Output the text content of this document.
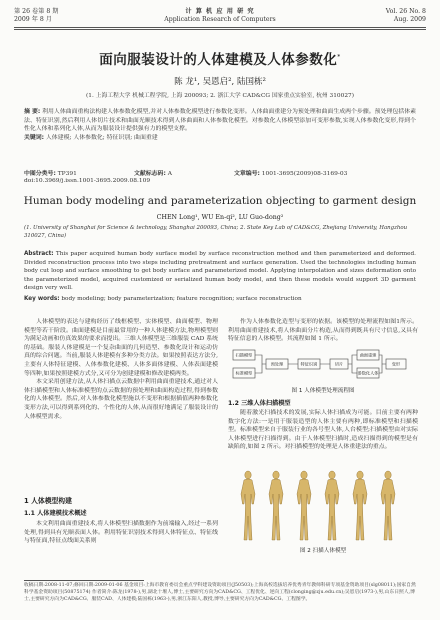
第 26 卷第 8 期
2009 年 8 月
计 算 机 应 用 研 究
Application Research of Computers
Vol. 26 No. 8
Aug. 2009
面向服装设计的人体建模及人体参数化*
陈 龙¹, 吴恩启², 陆国栋²
(1. 上海工程大学 机械工程学院, 上海 200093; 2. 浙江大学 CAD&CG 国家重点实验室, 杭州 310027)
摘 要: 利用人体曲面重构法构建人体参数化模型,并对人体参数化模型进行参数化变形。人体曲面重建分为预处理和曲面生成两个步骤。预处理包括体素法、特征识别,然后利用人体切片技术和曲面光顺技术得到人体曲面和人体参数化模型。对参数化人体模型添加可变形参数,实现人体参数化变形,得到个性化人体和系列化人体,从而为服装设计提供强有力的模型支撑。
关键词: 人体建模; 人体参数化; 特征识别; 曲面重建
中图分类号: TP391	文献标志码: A	文章编号: 1001-3695(2009)08-3169-03
doi:10.3969/j.issn.1001-3695.2009.08.109
Human body modeling and parameterization objecting to garment design
CHEN Long¹, WU En-qi², LU Guo-dong²
(1. University of Shanghai for Science & technology, Shanghai 200093, China; 2. State Key Lab of CAD&CG, Zhejiang University, Hangzhou 310027, China)
Abstract: This paper acquired human body surface model by surface reconstruction method and then parameterized and deformed. Divided reconstruction process into two steps including pretreatment and surface generation. Used the technologies including human body cut loop and surface smoothing to get body surface and parameterized model. Applying interpolation and sizes deformation onto the parameterized model, acquired customized or serialized human body model, and then these models would support 3D garment design very well.
Key words: body modeling; body parameterization; feature recognition; surface reconstruction

人体模型的表达与建构经历了线框模型、实体模型、曲面模型、物理模型等若干阶段。曲面建模是目前最常用的一种人体建模方法,物理模型则为满足动画和仿真效果的要求而提出。三维人体模型是三维服装 CAD 系统的基础。服装人体建模是一个复杂曲面的几何造型、参数化设计和运动仿真的综合问题。当前,服装人体建模有多种分类方法。如果按照表达方法分,主要有人体特征建模、人体参数化建模、人体多面体建模、人体表面建模等四种,如果按照建模方式分,又可分为创建建模和修改建模两类。

本文采用创建方法,从人体扫描点云数据中利用曲面重建技术,通过对人体扫描模型和人体标准模型的点云数据的预处理和曲面构造过程,得到参数化的人体模型。然后,对人体参数化模型施以不变形和根据插值两种参数化变形方法,可以得到系列化的、个性化的人体,从而很好地满足了服装设计的人体模型需求。

1 人体模型构建
1.1 人体建模技术概述

本文利用曲面重建技术,将人体模型扫描数据作为前端输入,经过一系列处理,得到具有光顺表面人体。利用特征识别技术得到人体特征点、特征线与特征面,特征点线面关系则

作为人体参数化造型与变形的依据。该模型的处理流程如图1所示。利用曲面重建技术,将人体曲面分片构造,从而得到既具有尺寸信息,又具有特征信息的人体模型。其流程如图 1 所示。

扫描模型
标准模型
预处理	特征识别	切片
曲面重建
参数化人体
变形
图 1 人体模型处理流程图
1.2 三维人体扫描模型

随着激光扫描技术的发展,实际人体扫描成为可能。目前主要有两种数字化方法:一是用于服装造型的人体主要有两种,即标准模型和扫描模型。标准模型来自于服装行业的各号型人体,人台模型;扫描模型由对实际人体模型进行扫描得到。由于人体模型扫描时,造成扫描得到的模型是有缺陷的,如图 2 所示。对扫描模型的处理是人体重建法的重点。

图 2 扫描人体模型
收稿日期:2008-11-07;修回日期:2009-01-06 基金项目:上海市教育委员会重点学科建设资助项目(J50503);上海高校选拔培养优秀青年教师科研专项基金资助项目(slg08011);国家自然科学基金资助项目(50875174) 作者简介:陈龙(1978-),男,湖北十堰人,博士,主要研究方向为CAD&CG、工程优化、逆向工程(clonging@zju.edu.cn);吴恩启(1973-),男,山东日照人,博士,主要研究方向为CAD&CG、服装CAD、人体建模;陆国栋(1963-),男,浙江东阳人,教授,博导,主要研究方向为CAD&CG、工程图学。
